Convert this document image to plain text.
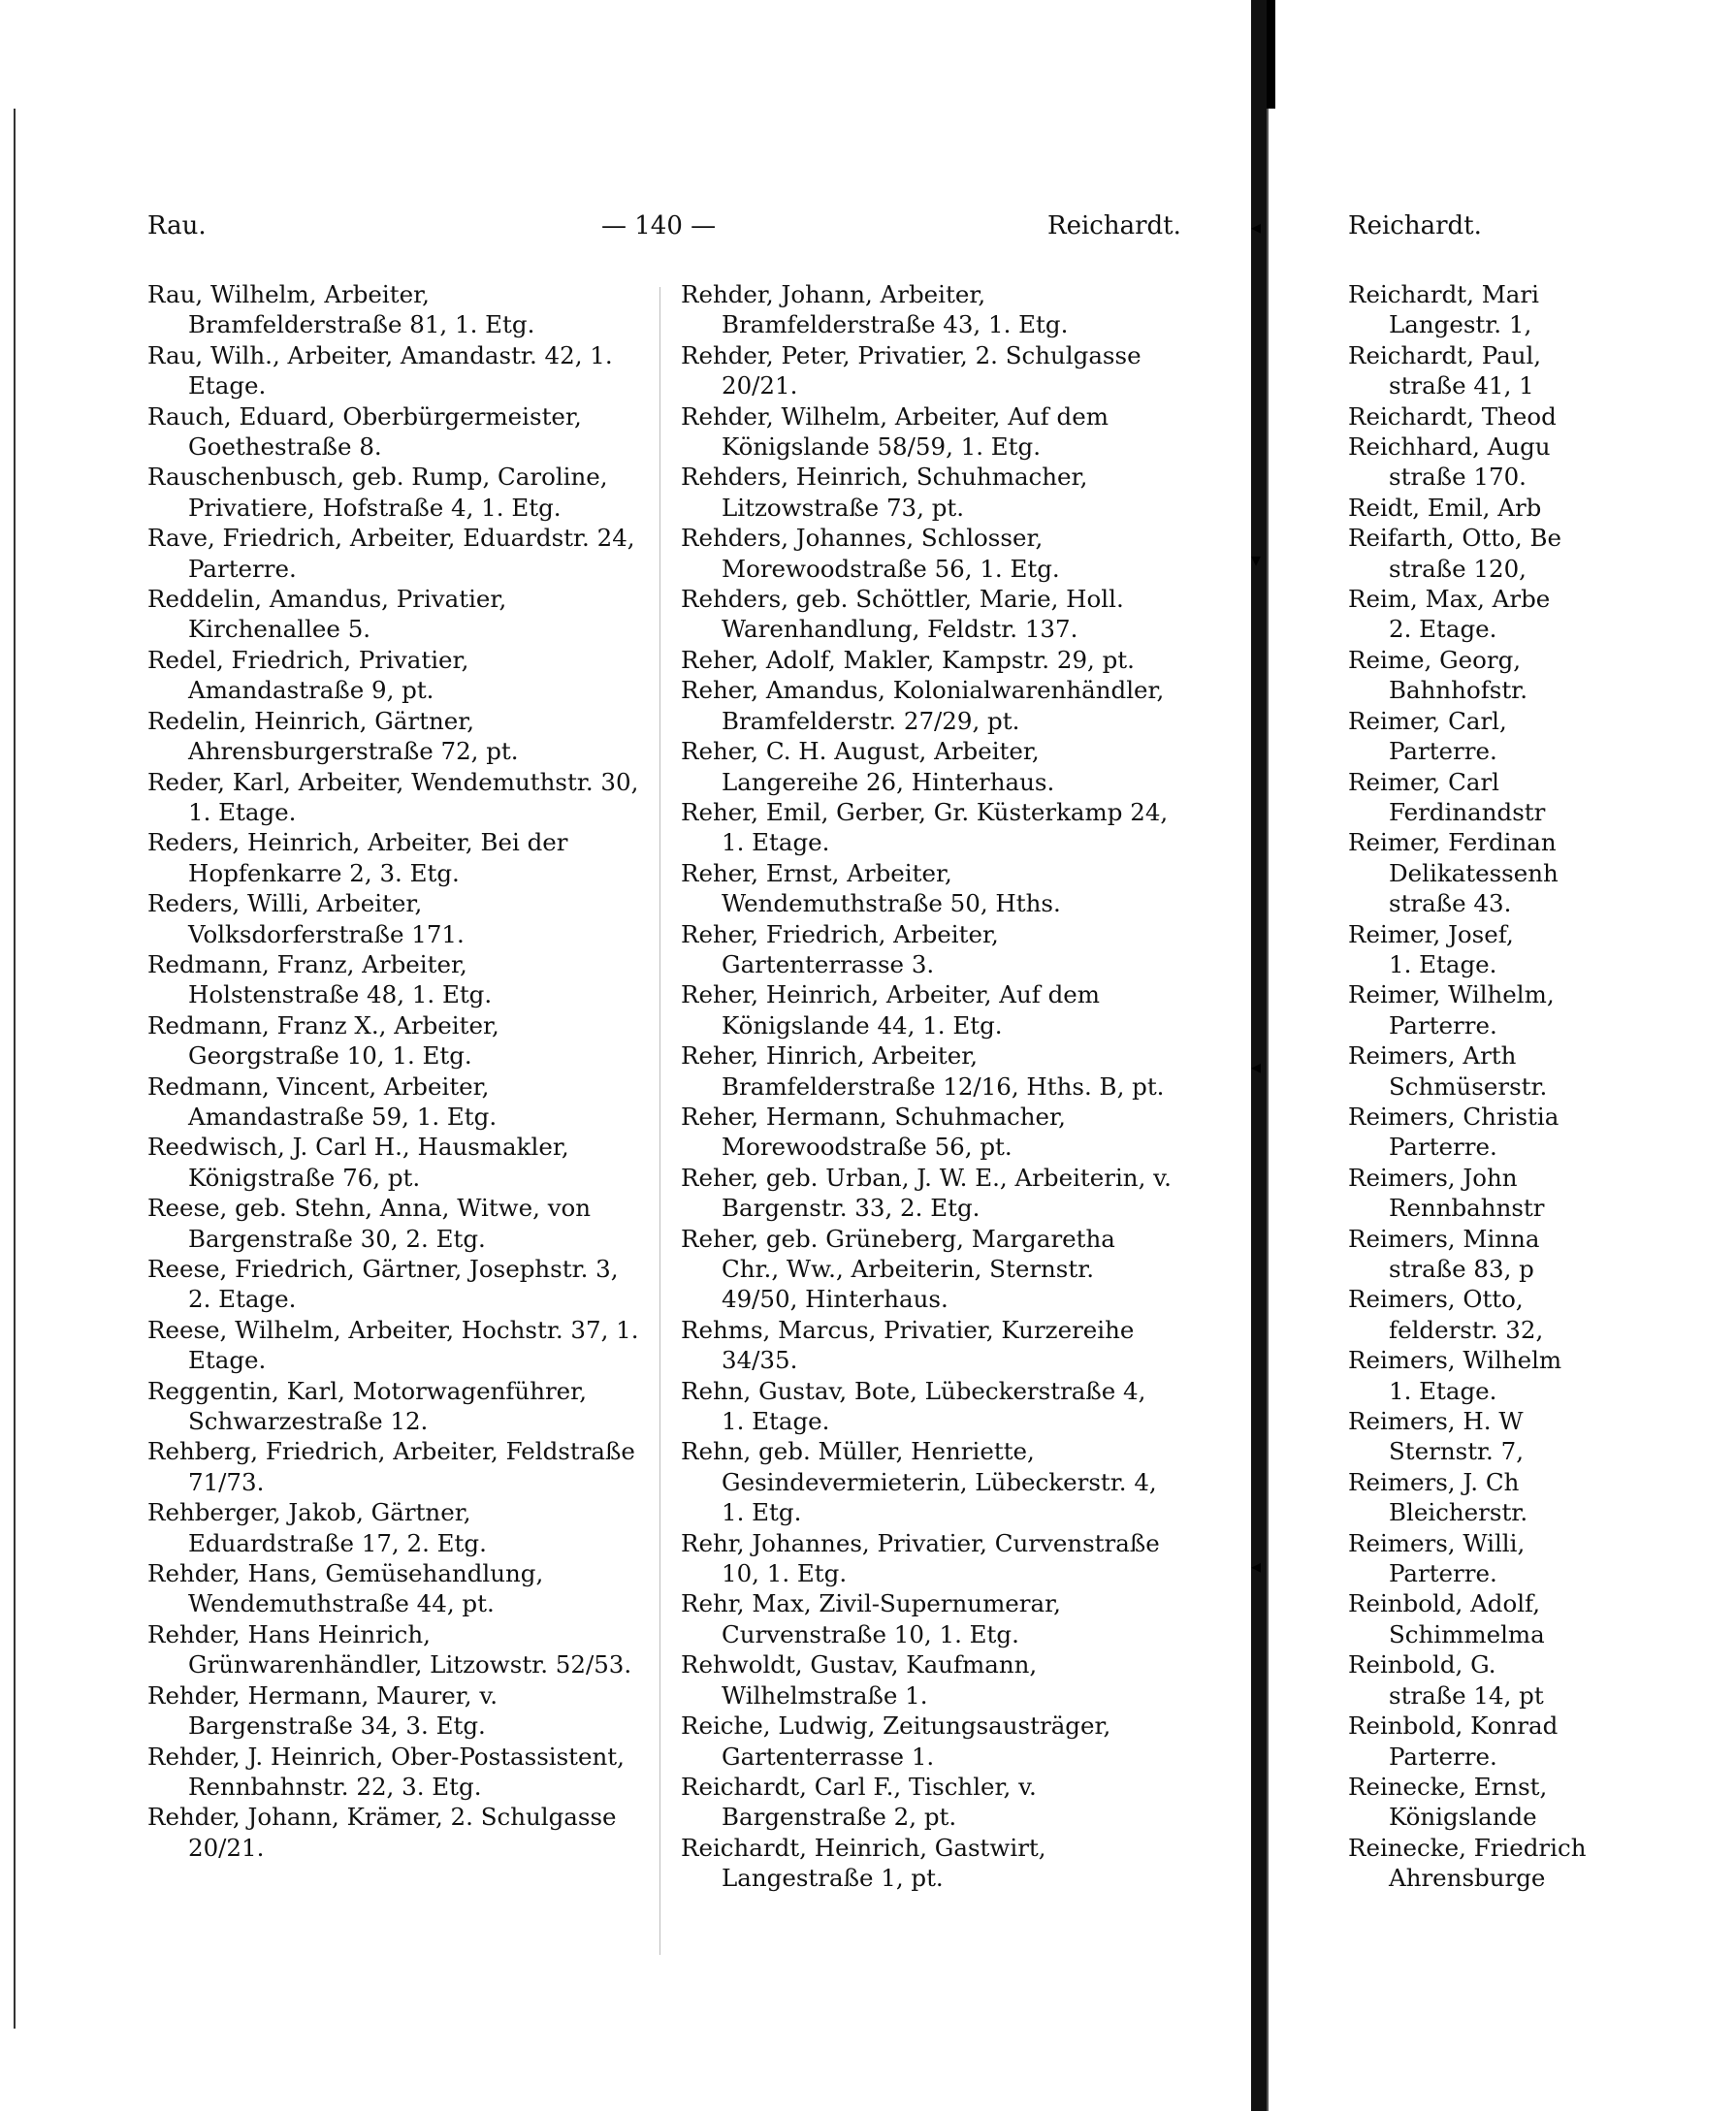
Rau.	— 140 —	Reichardt.	Reichardt.
◂
▾
◂
◂

Rau, Wilhelm, Arbeiter, Bramfelderstraße 81, 1. Etg.

Rau, Wilh., Arbeiter, Amandastr. 42, 1. Etage.

Rauch, Eduard, Oberbürgermeister, Goethestraße 8.

Rauschenbusch, geb. Rump, Caroline, Privatiere, Hofstraße 4, 1. Etg.

Rave, Friedrich, Arbeiter, Eduardstr. 24, Parterre.

Reddelin, Amandus, Privatier, Kirchenallee 5.

Redel, Friedrich, Privatier, Amandastraße 9, pt.

Redelin, Heinrich, Gärtner, Ahrensburgerstraße 72, pt.

Reder, Karl, Arbeiter, Wendemuthstr. 30, 1. Etage.

Reders, Heinrich, Arbeiter, Bei der Hopfenkarre 2, 3. Etg.

Reders, Willi, Arbeiter, Volksdorferstraße 171.

Redmann, Franz, Arbeiter, Holstenstraße 48, 1. Etg.

Redmann, Franz X., Arbeiter, Georgstraße 10, 1. Etg.

Redmann, Vincent, Arbeiter, Amandastraße 59, 1. Etg.

Reedwisch, J. Carl H., Hausmakler, Königstraße 76, pt.

Reese, geb. Stehn, Anna, Witwe, von Bargenstraße 30, 2. Etg.

Reese, Friedrich, Gärtner, Josephstr. 3, 2. Etage.

Reese, Wilhelm, Arbeiter, Hochstr. 37, 1. Etage.

Reggentin, Karl, Motorwagenführer, Schwarzestraße 12.

Rehberg, Friedrich, Arbeiter, Feldstraße 71/73.

Rehberger, Jakob, Gärtner, Eduardstraße 17, 2. Etg.

Rehder, Hans, Gemüsehandlung, Wendemuthstraße 44, pt.

Rehder, Hans Heinrich, Grünwarenhändler, Litzowstr. 52/53.

Rehder, Hermann, Maurer, v. Bargenstraße 34, 3. Etg.

Rehder, J. Heinrich, Ober-Postassistent, Rennbahnstr. 22, 3. Etg.

Rehder, Johann, Krämer, 2. Schulgasse 20/21.

Rehder, Johann, Arbeiter, Bramfelderstraße 43, 1. Etg.

Rehder, Peter, Privatier, 2. Schulgasse 20/21.

Rehder, Wilhelm, Arbeiter, Auf dem Königslande 58/59, 1. Etg.

Rehders, Heinrich, Schuhmacher, Litzowstraße 73, pt.

Rehders, Johannes, Schlosser, Morewoodstraße 56, 1. Etg.

Rehders, geb. Schöttler, Marie, Holl. Warenhandlung, Feldstr. 137.

Reher, Adolf, Makler, Kampstr. 29, pt.

Reher, Amandus, Kolonialwarenhändler, Bramfelderstr. 27/29, pt.

Reher, C. H. August, Arbeiter, Langereihe 26, Hinterhaus.

Reher, Emil, Gerber, Gr. Küsterkamp 24, 1. Etage.

Reher, Ernst, Arbeiter, Wendemuthstraße 50, Hths.

Reher, Friedrich, Arbeiter, Gartenterrasse 3.

Reher, Heinrich, Arbeiter, Auf dem Königslande 44, 1. Etg.

Reher, Hinrich, Arbeiter, Bramfelderstraße 12/16, Hths. B, pt.

Reher, Hermann, Schuhmacher, Morewoodstraße 56, pt.

Reher, geb. Urban, J. W. E., Arbeiterin, v. Bargenstr. 33, 2. Etg.

Reher, geb. Grüneberg, Margaretha Chr., Ww., Arbeiterin, Sternstr. 49/50, Hinterhaus.

Rehms, Marcus, Privatier, Kurzereihe 34/35.

Rehn, Gustav, Bote, Lübeckerstraße 4, 1. Etage.

Rehn, geb. Müller, Henriette, Gesindevermieterin, Lübeckerstr. 4, 1. Etg.

Rehr, Johannes, Privatier, Curvenstraße 10, 1. Etg.

Rehr, Max, Zivil-Supernumerar, Curvenstraße 10, 1. Etg.

Rehwoldt, Gustav, Kaufmann, Wilhelmstraße 1.

Reiche, Ludwig, Zeitungsausträger, Gartenterrasse 1.

Reichardt, Carl F., Tischler, v. Bargenstraße 2, pt.

Reichardt, Heinrich, Gastwirt, Langestraße 1, pt.

Reichardt, Mari

Langestr. 1,

Reichardt, Paul,

straße 41, 1

Reichardt, Theod

Reichhard, Augu

straße 170.

Reidt, Emil, Arb

Reifarth, Otto, Be

straße 120,

Reim, Max, Arbe

2. Etage.

Reime, Georg,

Bahnhofstr.

Reimer, Carl,

Parterre.

Reimer, Carl

Ferdinandstr

Reimer, Ferdinan

Delikatessenh

straße 43.

Reimer, Josef,

1. Etage.

Reimer, Wilhelm,

Parterre.

Reimers, Arth

Schmüserstr.

Reimers, Christia

Parterre.

Reimers, John

Rennbahnstr

Reimers, Minna

straße 83, p

Reimers, Otto,

felderstr. 32,

Reimers, Wilhelm

1. Etage.

Reimers, H. W

Sternstr. 7,

Reimers, J. Ch

Bleicherstr.

Reimers, Willi,

Parterre.

Reinbold, Adolf,

Schimmelma

Reinbold, G.

straße 14, pt

Reinbold, Konrad

Parterre.

Reinecke, Ernst,

Königslande

Reinecke, Friedrich

Ahrensburge
